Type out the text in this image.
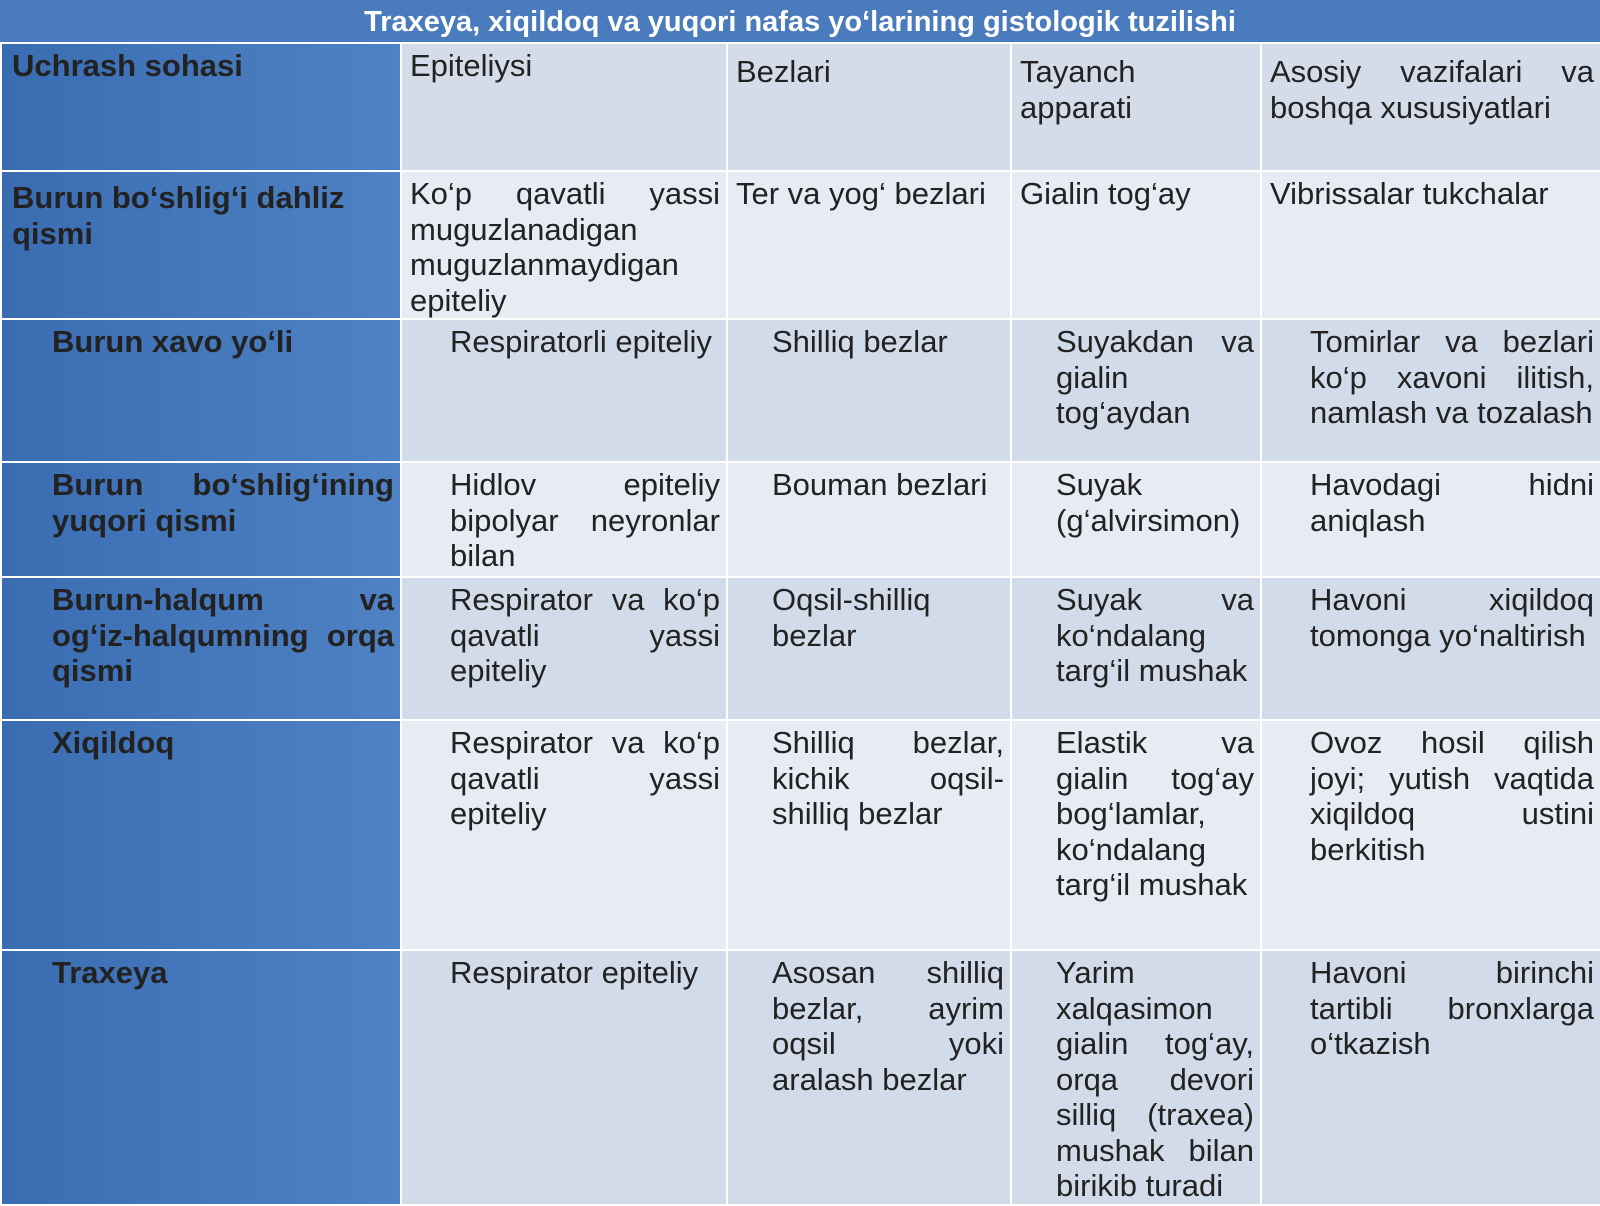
Traxeya, xiqildoq va yuqori nafas yo‘larining gistologik tuzilishi
Uchrash sohasi	Epiteliysi	Bezlari	Tayanch apparati	Asosiy vazifalari va boshqa xususiyatlari

Burun bo‘shlig‘i dahliz qismi	Ko‘p qavatli yassi muguzlanadigan muguzlanmaydigan epiteliy	Ter va yog‘ bezlari	Gialin tog‘ay	Vibrissalar tukchalar

Burun xavo yo‘li	Respiratorli epiteliy	Shilliq bezlar	Suyakdan va gialin tog‘aydan	Tomirlar va bezlari ko‘p xavoni ilitish, namlash va tozalash

Burun bo‘shlig‘ining yuqori qismi	Hidlov epiteliy bipolyar neyronlar bilan	Bouman bezlari	Suyak (g‘alvirsimon)	Havodagi hidni aniqlash

Burun-halqum va og‘iz-halqumning orqa qismi	Respirator va ko‘p qavatli yassi epiteliy	Oqsil-shilliq bezlar	Suyak va ko‘ndalang targ‘il mushak	Havoni xiqildoq tomonga yo‘naltirish

Xiqildoq	Respirator va ko‘p qavatli yassi epiteliy	Shilliq bezlar, kichik oqsil-shilliq bezlar	Elastik va gialin tog‘ay bog‘lamlar, ko‘ndalang targ‘il mushak	Ovoz hosil qilish joyi; yutish vaqtida xiqildoq ustini berkitish

Traxeya	Respirator epiteliy	Asosan shilliq bezlar, ayrim oqsil yoki aralash bezlar	Yarim xalqasimon gialin tog‘ay, orqa devori silliq (traxea) mushak bilan birikib turadi	Havoni birinchi tartibli bronxlarga o‘tkazish
